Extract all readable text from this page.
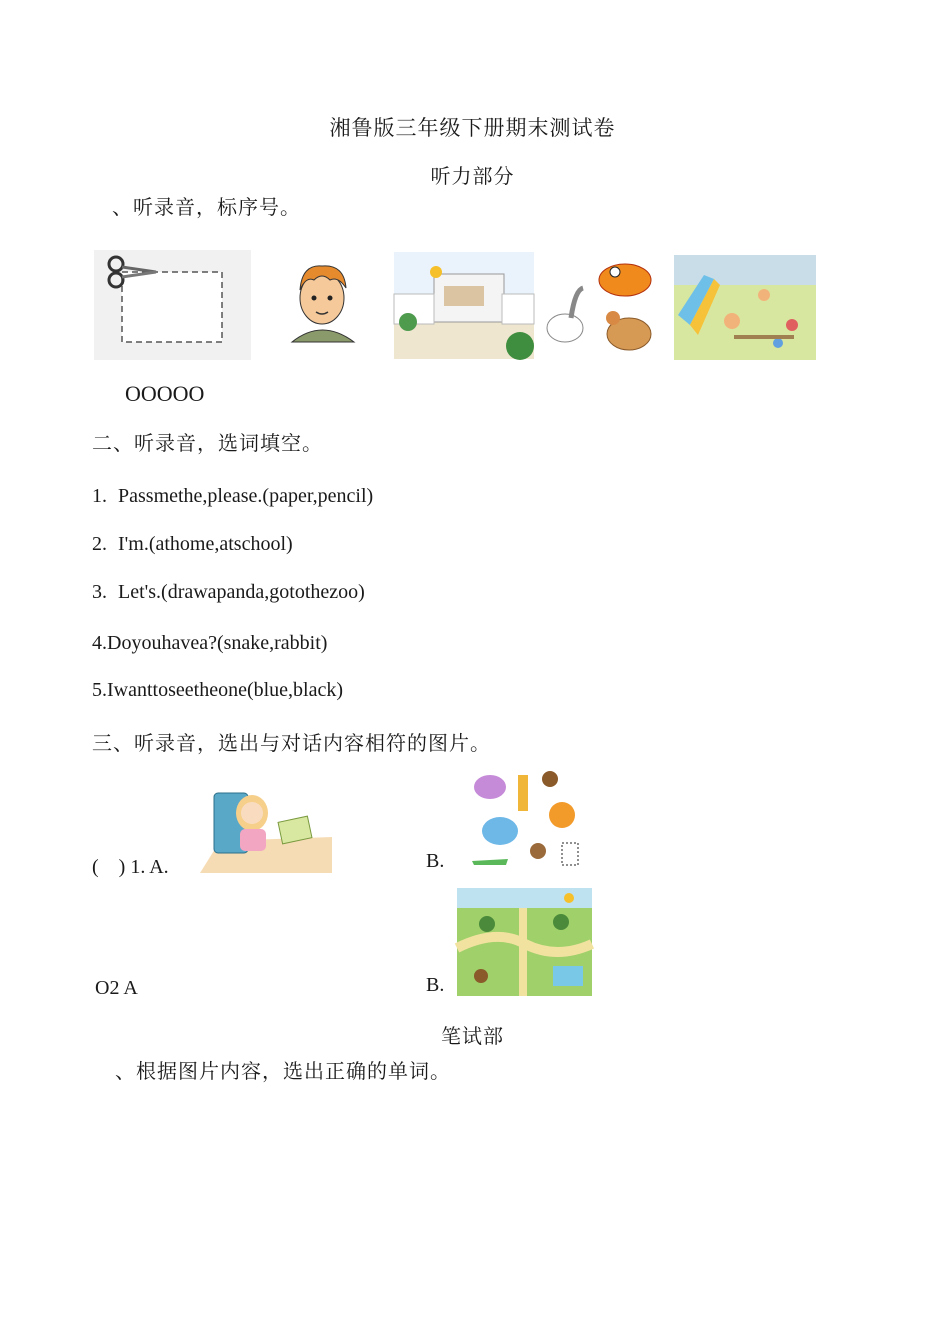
湘鲁版三年级下册期末测试卷
听力部分
、听录音，标序号。
OOOOO
二、听录音，选词填空。
1. Passmethe,please.(paper,pencil)
2. I'm.(athome,atschool)
3. Let's.(drawapanda,gotothezoo)
4.Doyouhavea?(snake,rabbit)
5.Iwanttoseetheone(blue,black)
三、听录音，选出与对话内容相符的图片。
(　) 1. A.	B.
O2 A	B.
笔试部
、根据图片内容，选出正确的单词。
